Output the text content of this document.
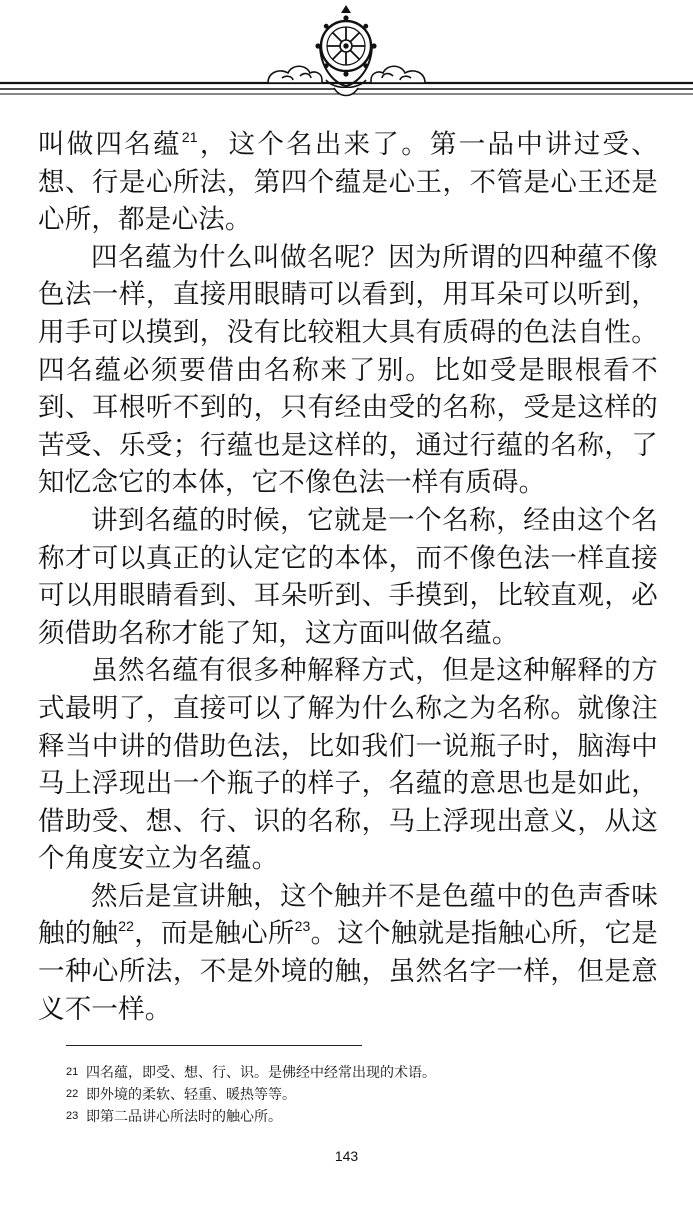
叫做四名蕴$^{21}$，这个名出来了。第一品中讲过受、想、行是心所法，第四个蕴是心王，不管是心王还是心所，都是心法。

四名蕴为什么叫做名呢？因为所谓的四种蕴不像色法一样，直接用眼睛可以看到，用耳朵可以听到，用手可以摸到，没有比较粗大具有质碍的色法自性。四名蕴必须要借由名称来了别。比如受是眼根看不到、耳根听不到的，只有经由受的名称，受是这样的苦受、乐受；行蕴也是这样的，通过行蕴的名称，了知忆念它的本体，它不像色法一样有质碍。

讲到名蕴的时候，它就是一个名称，经由这个名称才可以真正的认定它的本体，而不像色法一样直接可以用眼睛看到、耳朵听到、手摸到，比较直观，必须借助名称才能了知，这方面叫做名蕴。

虽然名蕴有很多种解释方式，但是这种解释的方式最明了，直接可以了解为什么称之为名称。就像注释当中讲的借助色法，比如我们一说瓶子时，脑海中马上浮现出一个瓶子的样子，名蕴的意思也是如此，借助受、想、行、识的名称，马上浮现出意义，从这个角度安立为名蕴。

然后是宣讲触，这个触并不是色蕴中的色声香味触的触$^{22}$，而是触心所$^{23}$。这个触就是指触心所，它是一种心所法，不是外境的触，虽然名字一样，但是意义不一样。

21 四名蕴，即受、想、行、识。是佛经中经常出现的术语。

22 即外境的柔软、轻重、暖热等等。

23 即第二品讲心所法时的触心所。

143
